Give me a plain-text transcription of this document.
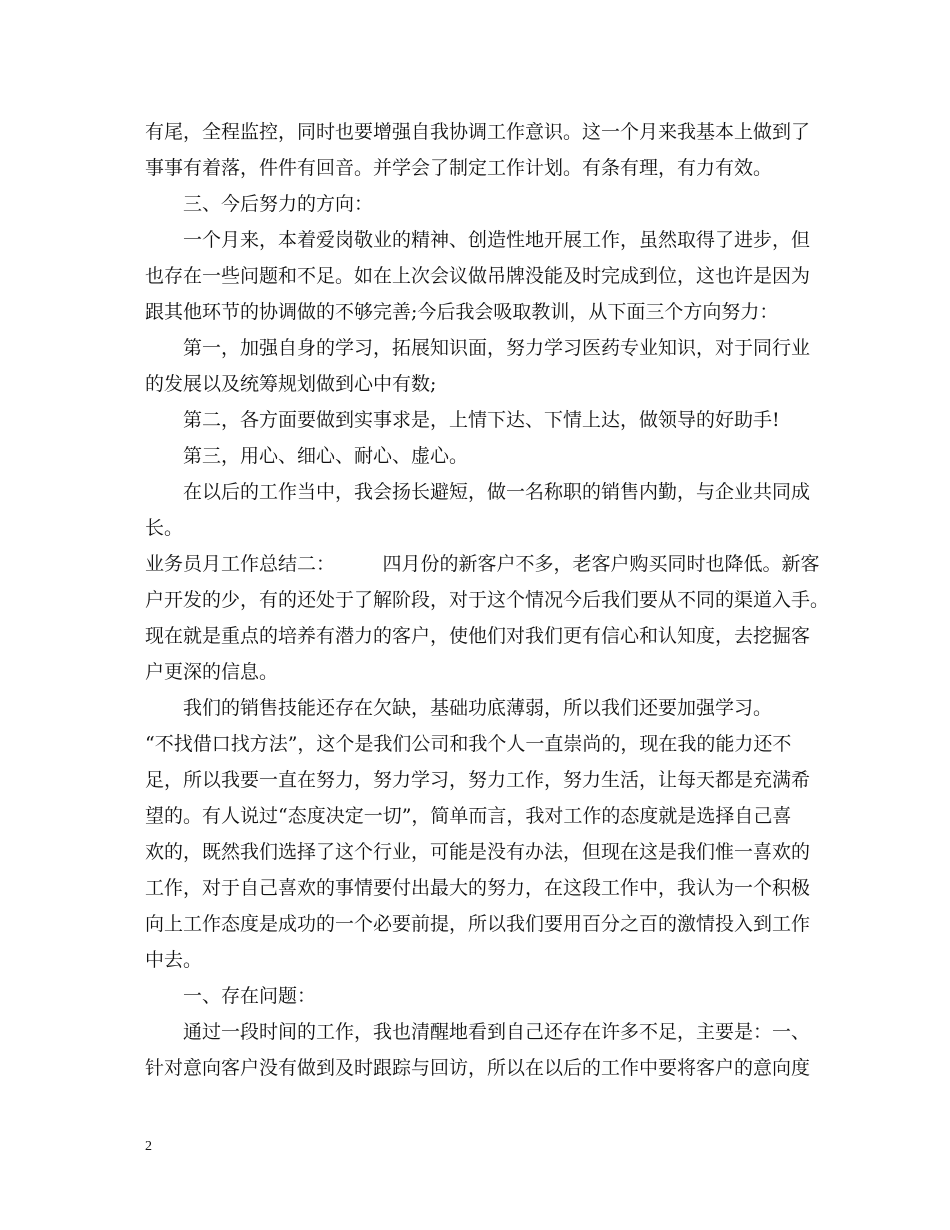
有尾，全程监控，同时也要增强自我协调工作意识。这一个月来我基本上做到了
事事有着落，件件有回音。并学会了制定工作计划。有条有理，有力有效。
　　三、今后努力的方向：
　　一个月来，本着爱岗敬业的精神、创造性地开展工作，虽然取得了进步，但
也存在一些问题和不足。如在上次会议做吊牌没能及时完成到位，这也许是因为
跟其他环节的协调做的不够完善;今后我会吸取教训，从下面三个方向努力：
　　第一，加强自身的学习，拓展知识面，努力学习医药专业知识，对于同行业
的发展以及统筹规划做到心中有数;
　　第二，各方面要做到实事求是，上情下达、下情上达，做领导的好助手!
　　第三，用心、细心、耐心、虚心。
　　在以后的工作当中，我会扬长避短，做一名称职的销售内勤，与企业共同成
长。
业务员月工作总结二：　　　四月份的新客户不多，老客户购买同时也降低。新客
户开发的少，有的还处于了解阶段，对于这个情况今后我们要从不同的渠道入手。
现在就是重点的培养有潜力的客户，使他们对我们更有信心和认知度，去挖掘客
户更深的信息。
　　我们的销售技能还存在欠缺，基础功底薄弱，所以我们还要加强学习。
“不找借口找方法”，这个是我们公司和我个人一直崇尚的，现在我的能力还不
足，所以我要一直在努力，努力学习，努力工作，努力生活，让每天都是充满希
望的。有人说过“态度决定一切”，简单而言，我对工作的态度就是选择自己喜
欢的，既然我们选择了这个行业，可能是没有办法，但现在这是我们惟一喜欢的
工作，对于自己喜欢的事情要付出最大的努力，在这段工作中，我认为一个积极
向上工作态度是成功的一个必要前提，所以我们要用百分之百的激情投入到工作
中去。
　　一、存在问题：
　　通过一段时间的工作，我也清醒地看到自己还存在许多不足，主要是：一、
针对意向客户没有做到及时跟踪与回访，所以在以后的工作中要将客户的意向度
2
